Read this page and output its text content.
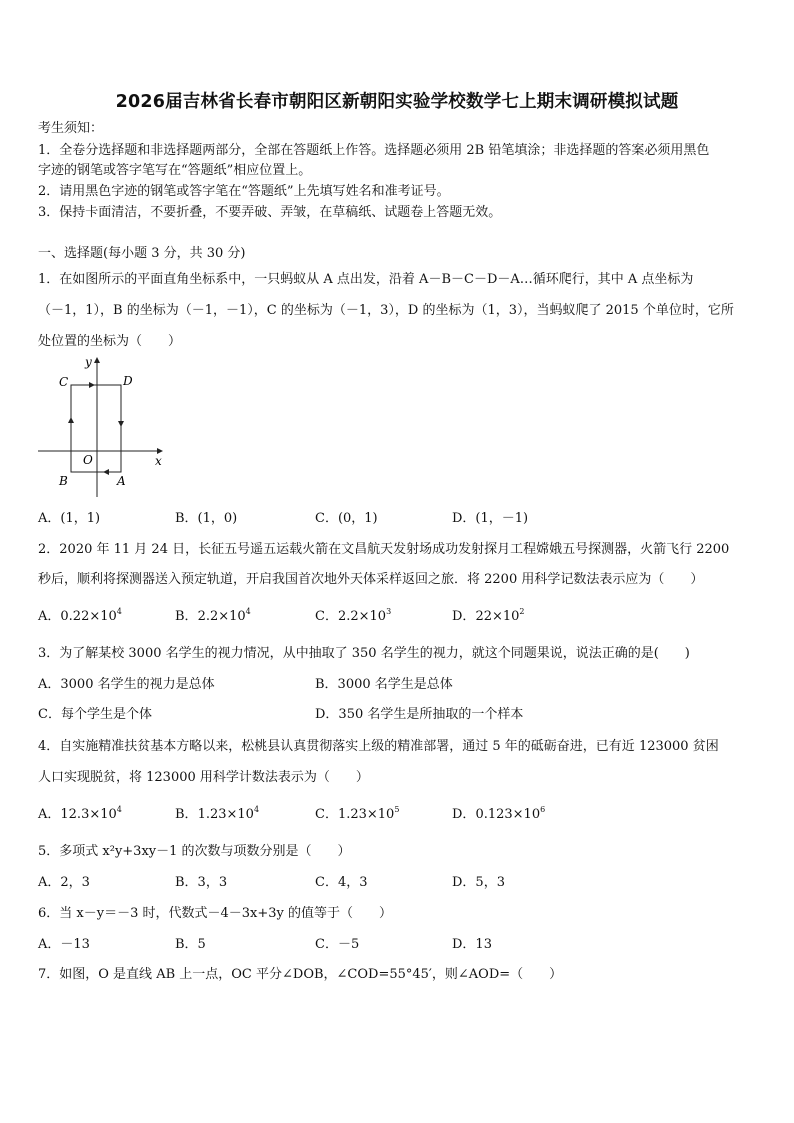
2026届吉林省长春市朝阳区新朝阳实验学校数学七上期末调研模拟试题
考生须知：
1．全卷分选择题和非选择题两部分，全部在答题纸上作答。选择题必须用 2B 铅笔填涂；非选择题的答案必须用黑色
字迹的钢笔或答字笔写在“答题纸”相应位置上。
2．请用黑色字迹的钢笔或答字笔在“答题纸”上先填写姓名和准考证号。
3．保持卡面清洁，不要折叠，不要弄破、弄皱，在草稿纸、试题卷上答题无效。
一、选择题(每小题 3 分，共 30 分)
1．在如图所示的平面直角坐标系中，一只蚂蚁从 A 点出发，沿着 A－B－C－D－A…循环爬行，其中 A 点坐标为
（－1，1），B 的坐标为（－1，－1），C 的坐标为（－1，3），D 的坐标为（1，3），当蚂蚁爬了 2015 个单位时，它所
处位置的坐标为（　　）
y
x
O
C	D
B	A
A．(1，1)	B．(1，0)	C．(0，1)	D．(1，－1)
2．2020 年 11 月 24 日，长征五号遥五运载火箭在文昌航天发射场成功发射探月工程嫦娥五号探测器，火箭飞行 2200
秒后，顺利将探测器送入预定轨道，开启我国首次地外天体采样返回之旅．将 2200 用科学记数法表示应为（　　）
A．$0.22\times 10^4$	B．$2.2\times 10^4$	C．$2.2\times 10^3$	D．$22\times 10^2$
3．为了解某校 3000 名学生的视力情况，从中抽取了 350 名学生的视力，就这个同题果说，说法正确的是(　　)
A．3000 名学生的视力是总体	B．3000 名学生是总体
C．每个学生是个体	D．350 名学生是所抽取的一个样本
4．自实施精准扶贫基本方略以来，松桃县认真贯彻落实上级的精准部署，通过 5 年的砥砺奋进，已有近 123000 贫困
人口实现脱贫，将 123000 用科学计数法表示为（　　）
A．$12.3\times 10^4$	B．$1.23\times 10^4$	C．$1.23\times 10^5$	D．$0.123\times 10^6$
5．多项式 x²y+3xy－1 的次数与项数分别是（　　）
A．2，3	B．3，3	C．4，3	D．5，3
6．当 x－y＝－3 时，代数式－4－3x+3y 的值等于（　　）
A．－13	B．5	C．－5	D．13
7．如图，O 是直线 AB 上一点，OC 平分∠DOB，∠COD=55°45′，则∠AOD=（　　）
